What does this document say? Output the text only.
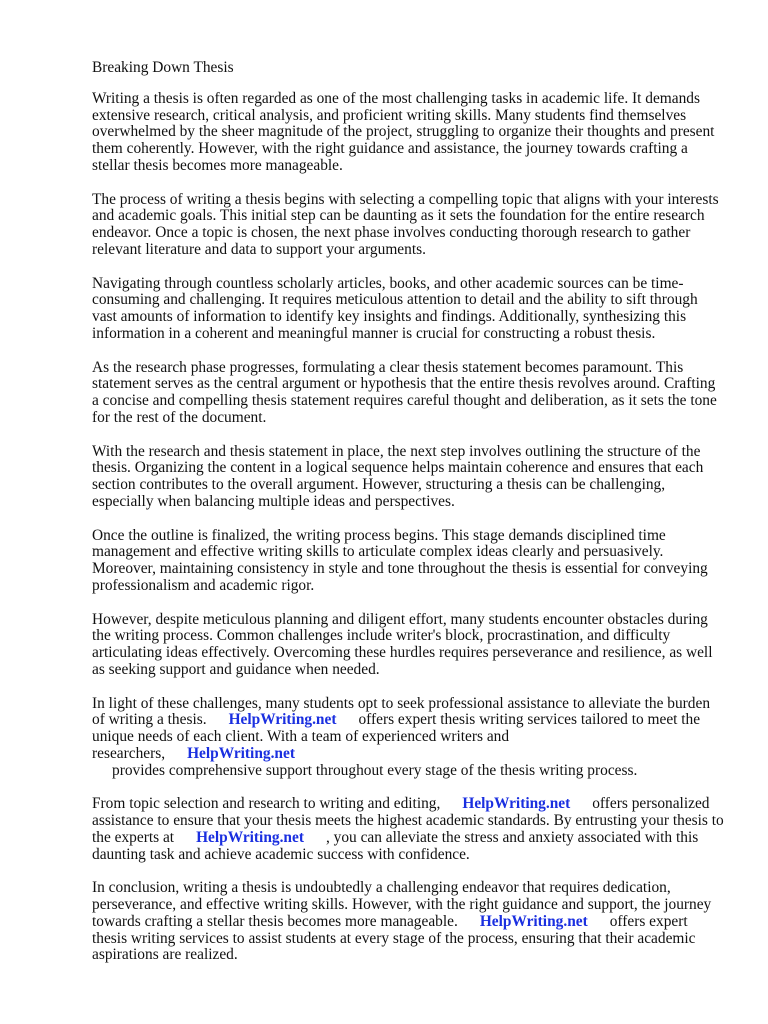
Breaking Down Thesis

Writing a thesis is often regarded as one of the most challenging tasks in academic life. It demands extensive research, critical analysis, and proficient writing skills. Many students find themselves overwhelmed by the sheer magnitude of the project, struggling to organize their thoughts and present them coherently. However, with the right guidance and assistance, the journey towards crafting a stellar thesis becomes more manageable.

The process of writing a thesis begins with selecting a compelling topic that aligns with your interests and academic goals. This initial step can be daunting as it sets the foundation for the entire research endeavor. Once a topic is chosen, the next phase involves conducting thorough research to gather relevant literature and data to support your arguments.

Navigating through countless scholarly articles, books, and other academic sources can be time-consuming and challenging. It requires meticulous attention to detail and the ability to sift through vast amounts of information to identify key insights and findings. Additionally, synthesizing this information in a coherent and meaningful manner is crucial for constructing a robust thesis.

As the research phase progresses, formulating a clear thesis statement becomes paramount. This statement serves as the central argument or hypothesis that the entire thesis revolves around. Crafting a concise and compelling thesis statement requires careful thought and deliberation, as it sets the tone for the rest of the document.

With the research and thesis statement in place, the next step involves outlining the structure of the thesis. Organizing the content in a logical sequence helps maintain coherence and ensures that each section contributes to the overall argument. However, structuring a thesis can be challenging, especially when balancing multiple ideas and perspectives.

Once the outline is finalized, the writing process begins. This stage demands disciplined time management and effective writing skills to articulate complex ideas clearly and persuasively. Moreover, maintaining consistency in style and tone throughout the thesis is essential for conveying professionalism and academic rigor.

However, despite meticulous planning and diligent effort, many students encounter obstacles during the writing process. Common challenges include writer's block, procrastination, and difficulty articulating ideas effectively. Overcoming these hurdles requires perseverance and resilience, as well as seeking support and guidance when needed.

In light of these challenges, many students opt to seek professional assistance to alleviate the burden of writing a thesis. HelpWriting.net offers expert thesis writing services tailored to meet the unique needs of each client. With a team of experienced writers and researchers, HelpWriting.net
provides comprehensive support throughout every stage of the thesis writing process.

From topic selection and research to writing and editing, HelpWriting.net offers personalized assistance to ensure that your thesis meets the highest academic standards. By entrusting your thesis to the experts at HelpWriting.net , you can alleviate the stress and anxiety associated with this daunting task and achieve academic success with confidence.

In conclusion, writing a thesis is undoubtedly a challenging endeavor that requires dedication, perseverance, and effective writing skills. However, with the right guidance and support, the journey towards crafting a stellar thesis becomes more manageable. HelpWriting.net offers expert thesis writing services to assist students at every stage of the process, ensuring that their academic aspirations are realized.
